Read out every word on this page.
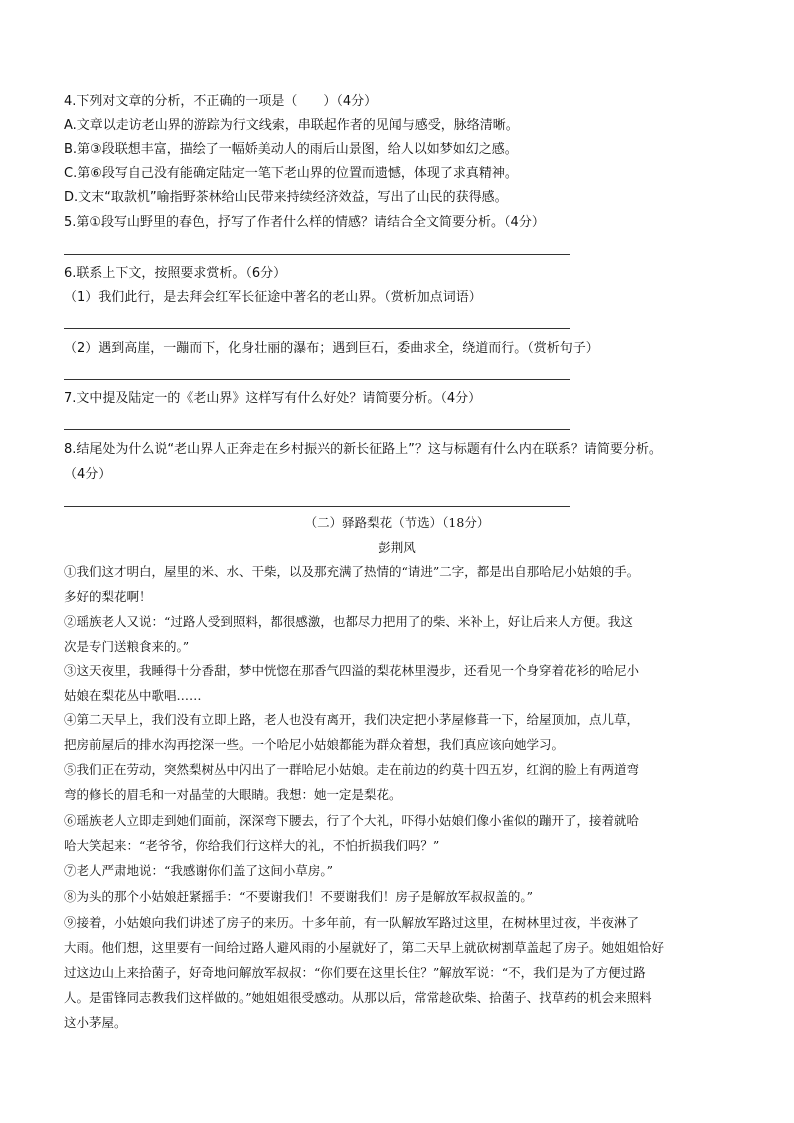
4.下列对文章的分析，不正确的一项是（　　）（4分）
A.文章以走访老山界的游踪为行文线索，串联起作者的见闻与感受，脉络清晰。
B.第③段联想丰富，描绘了一幅娇美动人的雨后山景图，给人以如梦如幻之感。
C.第⑥段写自己没有能确定陆定一笔下老山界的位置而遗憾，体现了求真精神。
D.文末“取款机”喻指野茶林给山民带来持续经济效益，写出了山民的获得感。
5.第①段写山野里的春色，抒写了作者什么样的情感？请结合全文简要分析。（4分）
6.联系上下文，按照要求赏析。（6分）
（1）我们此行，是去拜会红军长征途中著名的老山界。（赏析加点词语）
（2）遇到高崖，一蹦而下，化身壮丽的瀑布；遇到巨石，委曲求全，绕道而行。（赏析句子）
7.文中提及陆定一的《老山界》这样写有什么好处？请简要分析。（4分）
8.结尾处为什么说“老山界人正奔走在乡村振兴的新长征路上”？这与标题有什么内在联系？请简要分析。
（4分）
（二）驿路梨花（节选）（18分）
彭荆风
①我们这才明白，屋里的米、水、干柴，以及那充满了热情的“请进”二字，都是出自那哈尼小姑娘的手。
多好的梨花啊！
②瑶族老人又说：“过路人受到照料，都很感激，也都尽力把用了的柴、米补上，好让后来人方便。我这
次是专门送粮食来的。”
③这天夜里，我睡得十分香甜，梦中恍惚在那香气四溢的梨花林里漫步，还看见一个身穿着花衫的哈尼小
姑娘在梨花丛中歌唱……
④第二天早上，我们没有立即上路，老人也没有离开，我们决定把小茅屋修葺一下，给屋顶加，点儿草，
把房前屋后的排水沟再挖深一些。一个哈尼小姑娘都能为群众着想，我们真应该向她学习。
⑤我们正在劳动，突然梨树丛中闪出了一群哈尼小姑娘。走在前边的约莫十四五岁，红润的脸上有两道弯
弯的修长的眉毛和一对晶莹的大眼睛。我想：她一定是梨花。
⑥瑶族老人立即走到她们面前，深深弯下腰去，行了个大礼，吓得小姑娘们像小雀似的蹦开了，接着就哈
哈大笑起来：“老爷爷，你给我们行这样大的礼，不怕折损我们吗？”
⑦老人严肃地说：“我感谢你们盖了这间小草房。”
⑧为头的那个小姑娘赶紧摇手：“不要谢我们！不要谢我们！房子是解放军叔叔盖的。”
⑨接着，小姑娘向我们讲述了房子的来历。十多年前，有一队解放军路过这里，在树林里过夜，半夜淋了
大雨。他们想，这里要有一间给过路人避风雨的小屋就好了，第二天早上就砍树割草盖起了房子。她姐姐恰好
过这边山上来拾菌子，好奇地问解放军叔叔：“你们要在这里长住？”解放军说：“不，我们是为了方便过路
人。是雷锋同志教我们这样做的。”她姐姐很受感动。从那以后，常常趁砍柴、拾菌子、找草药的机会来照料
这小茅屋。
